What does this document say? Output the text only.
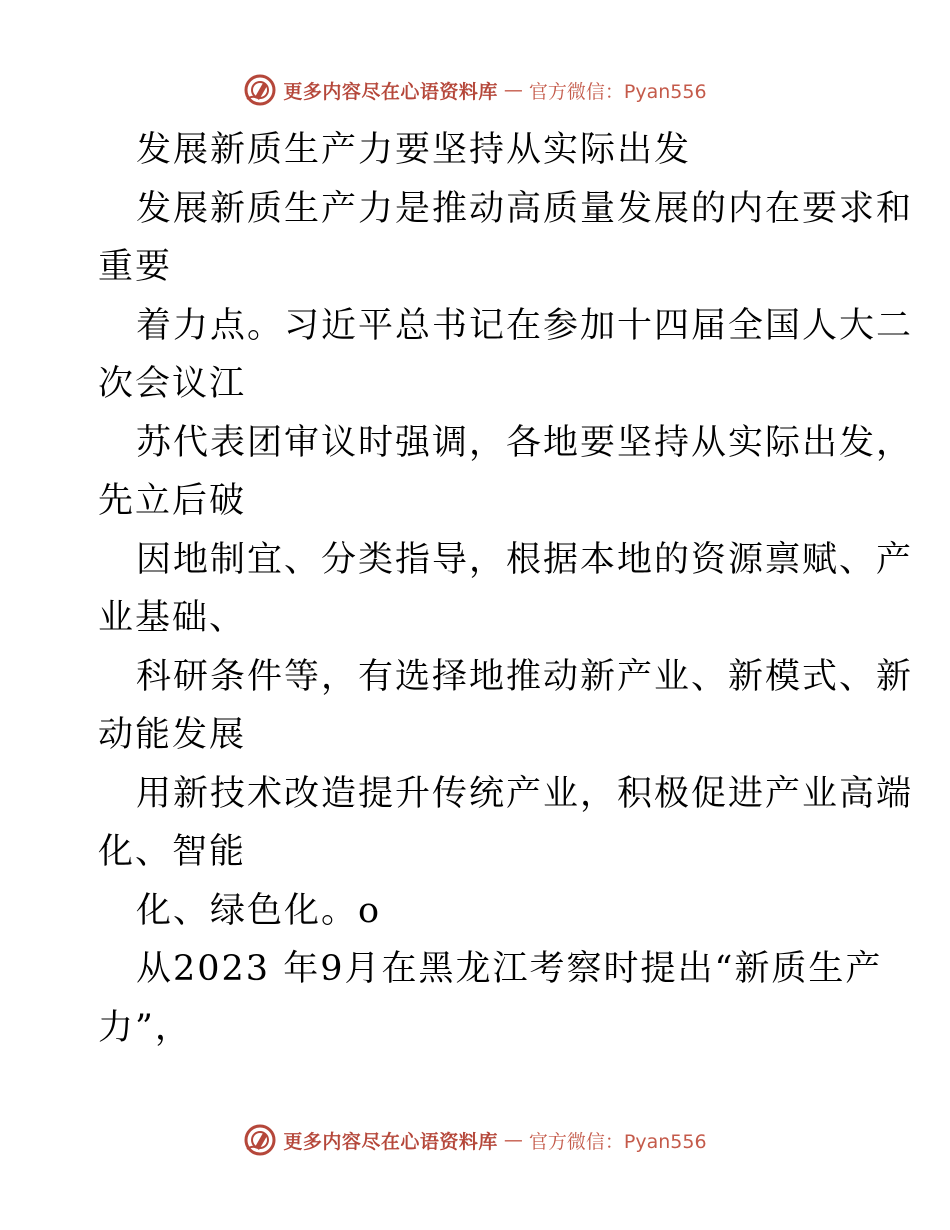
更多内容尽在心语资料库 — 官方微信：Pyan556
发展新质生产力要坚持从实际出发
发展新质生产力是推动高质量发展的内在要求和
重要
着力点。习近平总书记在参加十四届全国人大二
次会议江
苏代表团审议时强调，各地要坚持从实际出发，
先立后破
因地制宜、分类指导，根据本地的资源禀赋、产
业基础、
科研条件等，有选择地推动新产业、新模式、新
动能发展
用新技术改造提升传统产业，积极促进产业高端
化、智能
化、绿色化。o
从2023 年9月在黑龙江考察时提出“新质生产
力”，
更多内容尽在心语资料库 — 官方微信：Pyan556
